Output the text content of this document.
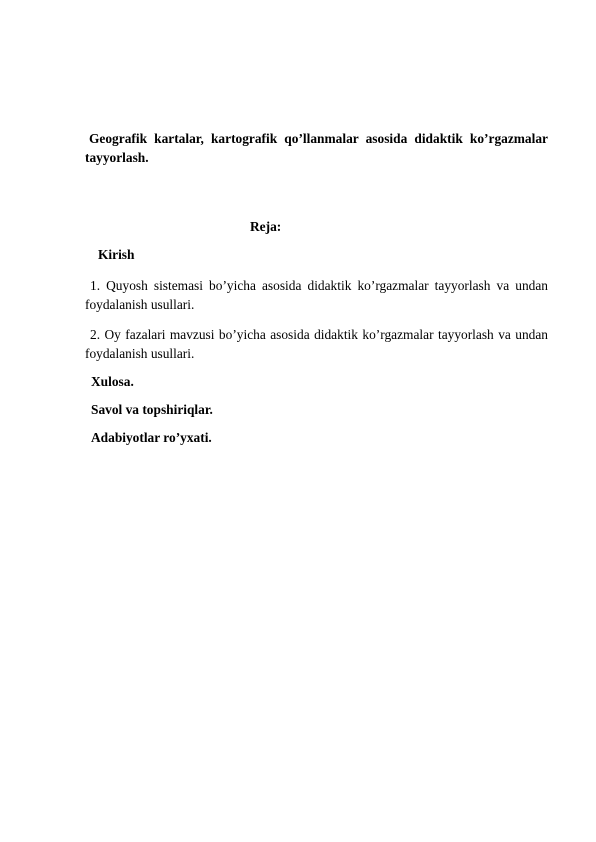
Geografik kartalar, kartografik qo’llanmalar asosida didaktik ko’rgazmalar tayyorlash.
Reja:
Kirish
1. Quyosh sistemasi bo’yicha asosida didaktik ko’rgazmalar tayyorlash va undan foydalanish usullari.
2. Oy fazalari mavzusi bo’yicha asosida didaktik ko’rgazmalar tayyorlash va undan foydalanish usullari.
Xulosa.
Savol va topshiriqlar.
Adabiyotlar ro’yxati.
